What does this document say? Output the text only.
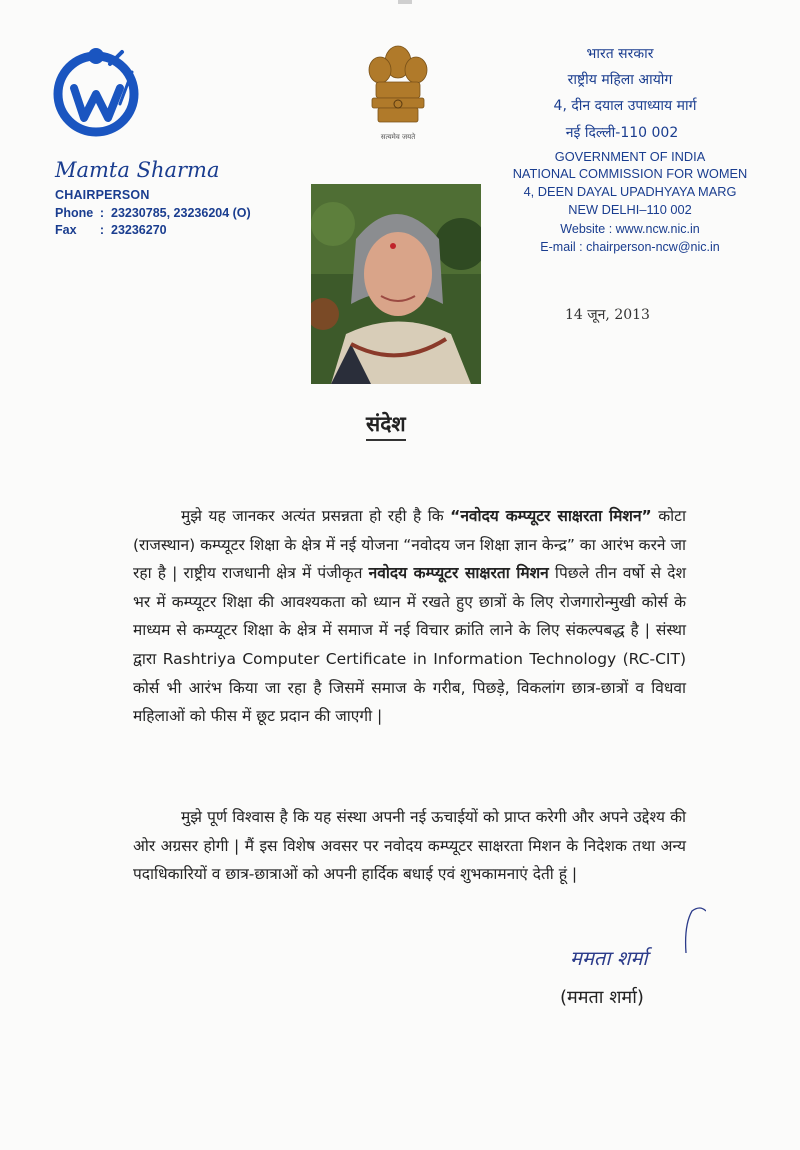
Mamta Sharma
CHAIRPERSON
Phone : 23230785, 23236204 (O)
Fax : 23236270
सत्यमेव जयते
भारत सरकार
राष्ट्रीय महिला आयोग
4, दीन दयाल उपाध्याय मार्ग
नई दिल्ली-110 002
GOVERNMENT OF INDIA
NATIONAL COMMISSION FOR WOMEN
4, DEEN DAYAL UPADHYAYA MARG
NEW DELHI–110 002
Website : www.ncw.nic.in
E-mail : chairperson-ncw@nic.in
14 जून, 2013
संदेश
मुझे यह जानकर अत्यंत प्रसन्नता हो रही है कि “नवोदय कम्प्यूटर साक्षरता मिशन” कोटा (राजस्थान) कम्प्यूटर शिक्षा के क्षेत्र में नई योजना “नवोदय जन शिक्षा ज्ञान केन्द्र” का आरंभ करने जा रहा है | राष्ट्रीय राजधानी क्षेत्र में पंजीकृत नवोदय कम्प्यूटर साक्षरता मिशन पिछले तीन वर्षो से देश भर में कम्प्यूटर शिक्षा की आवश्यकता को ध्यान में रखते हुए छात्रों के लिए रोजगारोन्मुखी कोर्स के माध्यम से कम्प्यूटर शिक्षा के क्षेत्र में समाज में नई विचार क्रांति लाने के लिए संकल्पबद्ध है | संस्था द्वारा Rashtriya Computer Certificate in Information Technology (RC-CIT) कोर्स भी आरंभ किया जा रहा है जिसमें समाज के गरीब, पिछड़े, विकलांग छात्र-छात्रों व विधवा महिलाओं को फीस में छूट प्रदान की जाएगी |
मुझे पूर्ण विश्वास है कि यह संस्था अपनी नई ऊचाईयों को प्राप्त करेगी और अपने उद्देश्य की ओर अग्रसर होगी | मैं इस विशेष अवसर पर नवोदय कम्प्यूटर साक्षरता मिशन के निदेशक तथा अन्य पदाधिकारियों व छात्र-छात्राओं को अपनी हार्दिक बधाई एवं शुभकामनाएं देती हूं |
ममता शर्मा
(ममता शर्मा)
